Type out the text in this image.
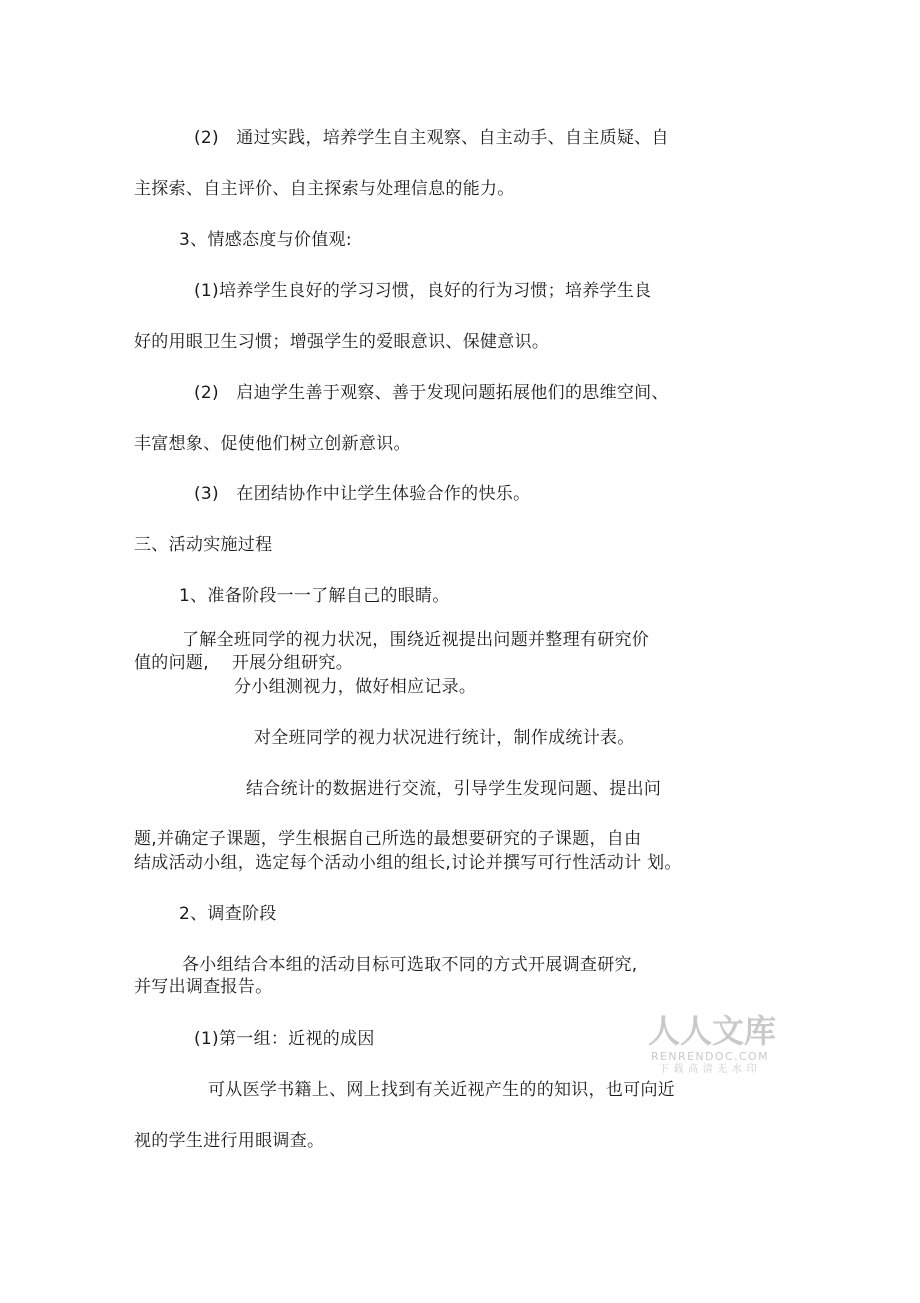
(2)　通过实践，培养学生自主观察、自主动手、自主质疑、自
主探索、自主评价、自主探索与处理信息的能力。
3、情感态度与价值观:
(1)培养学生良好的学习习惯，良好的行为习惯；培养学生良
好的用眼卫生习惯；增强学生的爱眼意识、保健意识。
(2)　启迪学生善于观察、善于发现问题拓展他们的思维空间、
丰富想象、促使他们树立创新意识。
(3)　在团结协作中让学生体验合作的快乐。
三、活动实施过程
1、准备阶段一一了解自己的眼睛。
了解全班同学的视力状况，围绕近视提出问题并整理有研究价
值的问题,　 开展分组研究。
分小组测视力，做好相应记录。
对全班同学的视力状况进行统计，制作成统计表。
结合统计的数据进行交流，引导学生发现问题、提出问
题,并确定子课题，学生根据自己所选的最想要研究的子课题，自由
结成活动小组，选定每个活动小组的组长,讨论并撰写可行性活动计 划。
2、调查阶段
各小组结合本组的活动目标可选取不同的方式开展调查研究,
并写出调查报告。
(1)第一组：近视的成因
可从医学书籍上、网上找到有关近视产生的的知识，也可向近
视的学生进行用眼调查。
人人文库
RENRENDOC.COM
下载高清无水印
